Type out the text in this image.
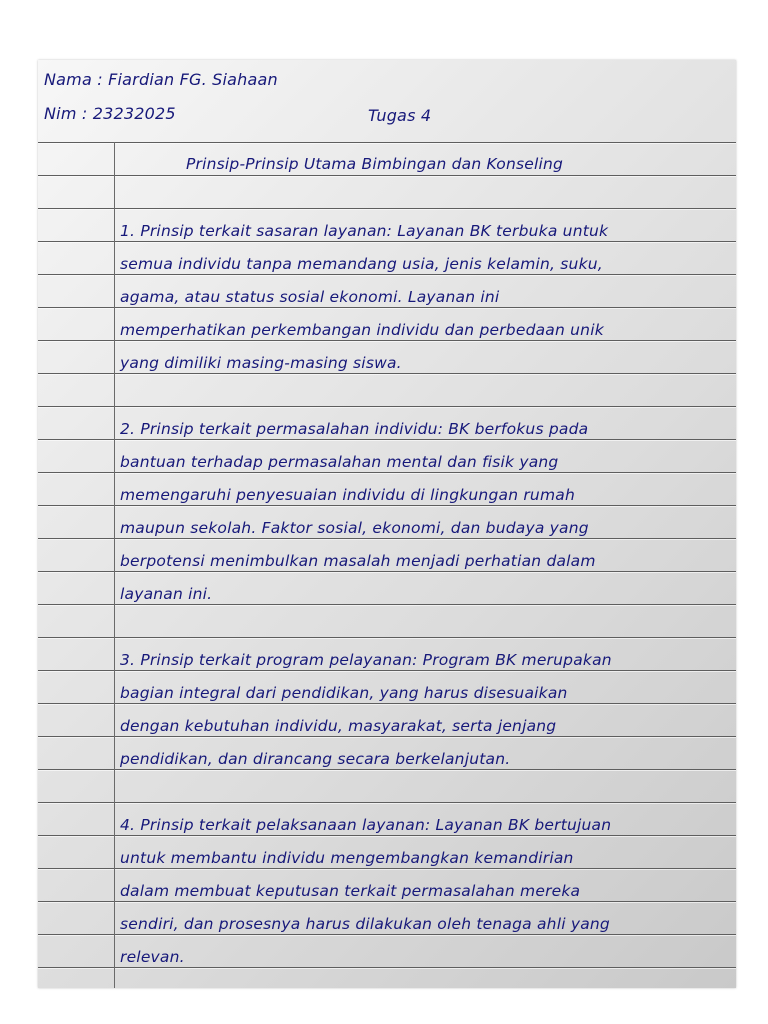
Nama : Fiardian FG. Siahaan
Nim : 23232025	Tugas 4
Prinsip-Prinsip Utama Bimbingan dan Konseling
1. Prinsip terkait sasaran layanan: Layanan BK terbuka untuk
semua individu tanpa memandang usia, jenis kelamin, suku,
agama, atau status sosial ekonomi. Layanan ini
memperhatikan perkembangan individu dan perbedaan unik
yang dimiliki masing-masing siswa.
2. Prinsip terkait permasalahan individu: BK berfokus pada
bantuan terhadap permasalahan mental dan fisik yang
memengaruhi penyesuaian individu di lingkungan rumah
maupun sekolah. Faktor sosial, ekonomi, dan budaya yang
berpotensi menimbulkan masalah menjadi perhatian dalam
layanan ini.
3. Prinsip terkait program pelayanan: Program BK merupakan
bagian integral dari pendidikan, yang harus disesuaikan
dengan kebutuhan individu, masyarakat, serta jenjang
pendidikan, dan dirancang secara berkelanjutan.
4. Prinsip terkait pelaksanaan layanan: Layanan BK bertujuan
untuk membantu individu mengembangkan kemandirian
dalam membuat keputusan terkait permasalahan mereka
sendiri, dan prosesnya harus dilakukan oleh tenaga ahli yang
relevan.
